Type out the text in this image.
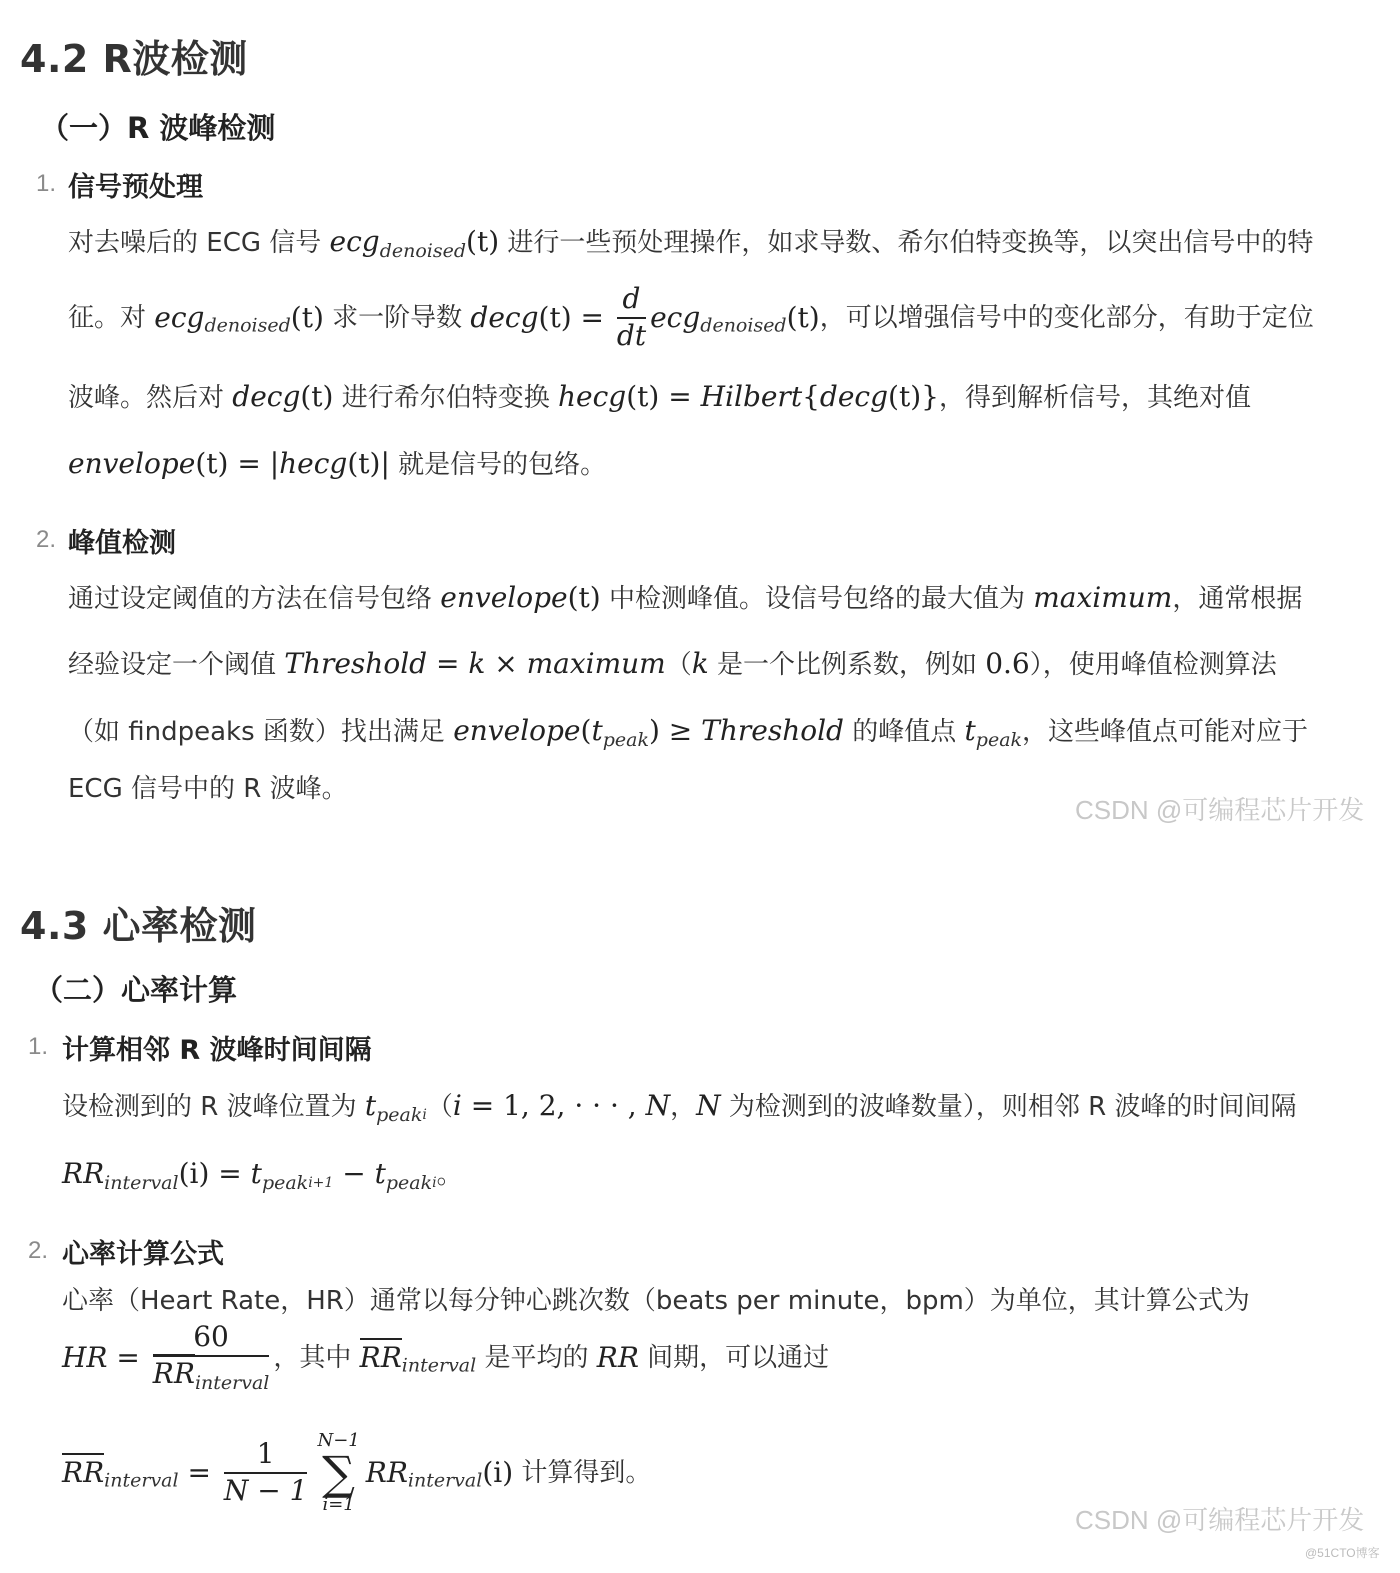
4.2 R波检测
（一）R 波峰检测
1. 信号预处理
对去噪后的 ECG 信号 ecg$_{denoised}$(t) 进行一些预处理操作，如求导数、希尔伯特变换等，以突出信号中的特
征。对 ecg$_{denoised}$(t) 求一阶导数 decg(t) = $\frac{d}{dt} ecg_{denoised}(t)$，可以增强信号中的变化部分，有助于定位
波峰。然后对 decg(t) 进行希尔伯特变换 hecg(t) = Hilbert{decg(t)}，得到解析信号，其绝对值
envelope(t) = |hecg(t)| 就是信号的包络。
2. 峰值检测
通过设定阈值的方法在信号包络 envelope(t) 中检测峰值。设信号包络的最大值为 maximum，通常根据
经验设定一个阈值 Threshold = k × maximum（k 是一个比例系数，例如 0.6），使用峰值检测算法
（如 findpeaks 函数）找出满足 $envelope(t_{peak})$ ≥ Threshold 的峰值点 $t_{peak}$，这些峰值点可能对应于
ECG 信号中的 R 波峰。
CSDN @可编程芯片开发
4.3 心率检测
（二）心率计算
1. 计算相邻 R 波峰时间间隔
设检测到的 R 波峰位置为 $t_{peak}i(i = 1$, 2, · · · , N，N 为检测到的波峰数量），则相邻 R 波峰的时间间隔
$RR_{interval}(i) = t_{peak}i+1 - t_{peak}i$。
2. 心率计算公式
心率（Heart Rate，HR）通常以每分钟心跳次数（beats per minute，bpm）为单位，其计算公式为
HR = $\frac{60}{RR_{interval}}$ ，其中 $RR_{interval}$ 是平均的 RR 间期，可以通过
$RR_{interval} = \frac{1}{N - 1} N-1$
∑
i=1
$RR_{interval}(i)$ 计算得到。
CSDN @可编程芯片开发
@51CTO博客
